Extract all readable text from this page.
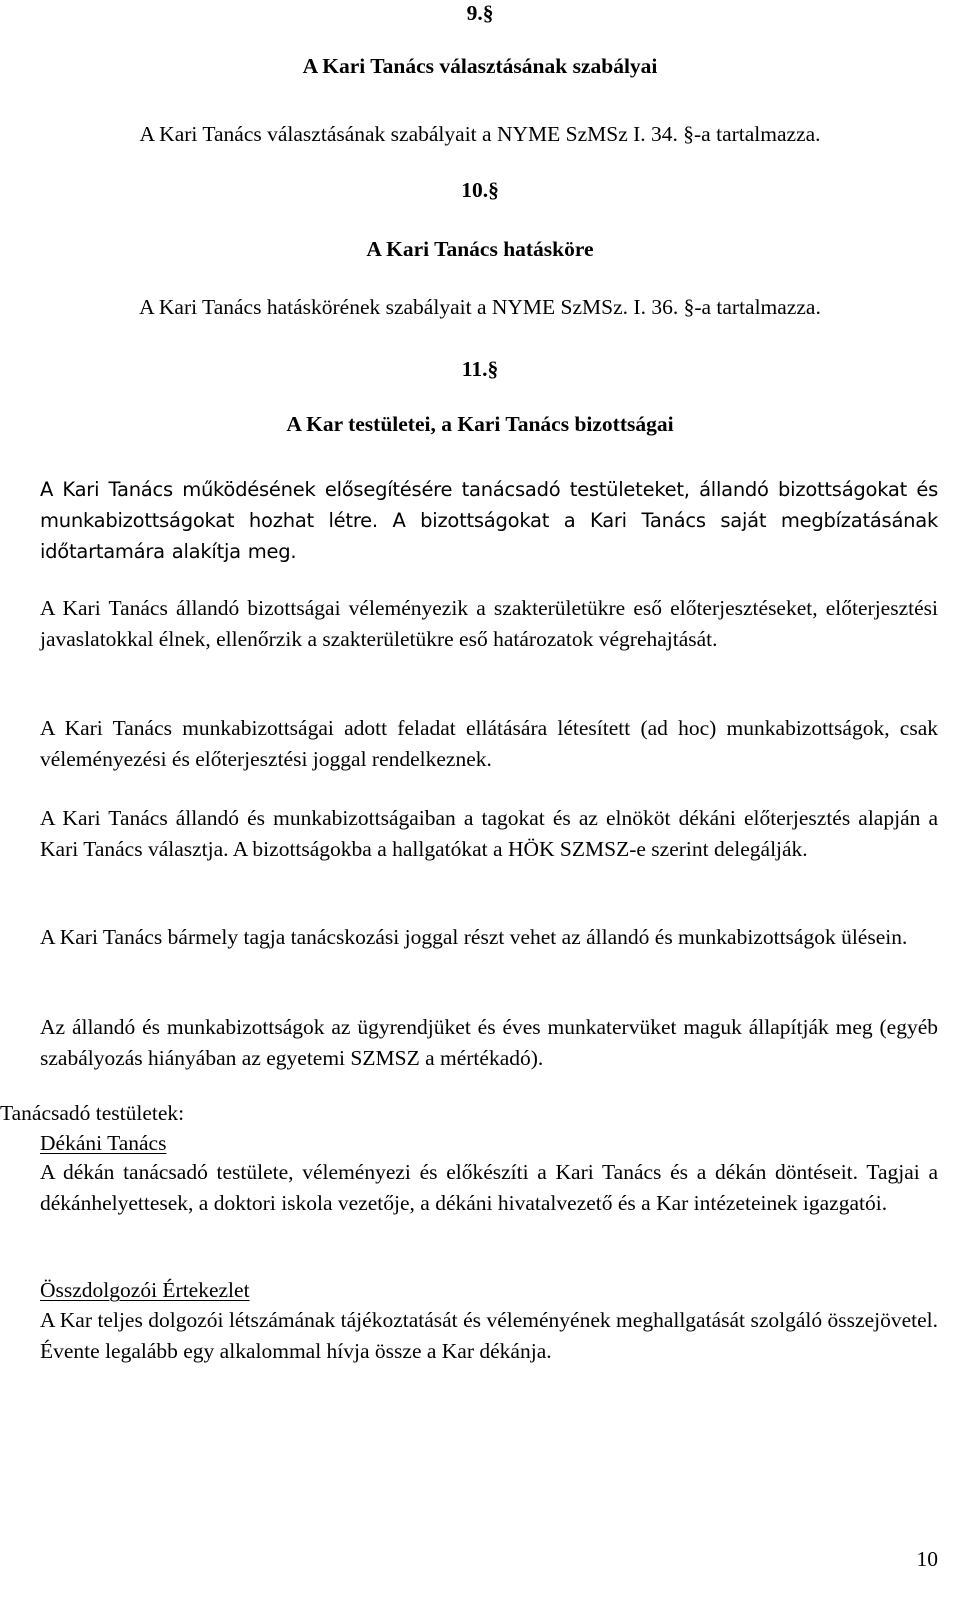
9.§
A Kari Tanács választásának szabályai
A Kari Tanács választásának szabályait a NYME SzMSz I. 34. §-a tartalmazza.
10.§
A Kari Tanács hatásköre
A Kari Tanács hatáskörének szabályait a NYME SzMSz. I. 36. §-a tartalmazza.
11.§
A Kar testületei, a Kari Tanács bizottságai
A Kari Tanács működésének elősegítésére tanácsadó testületeket, állandó bizottságokat és munkabizottságokat hozhat létre. A bizottságokat a Kari Tanács saját megbízatásának időtartamára alakítja meg.
A Kari Tanács állandó bizottságai véleményezik a szakterületükre eső előterjesztéseket, előterjesztési javaslatokkal élnek, ellenőrzik a szakterületükre eső határozatok végrehajtását.
A Kari Tanács munkabizottságai adott feladat ellátására létesített (ad hoc) munkabizottságok, csak véleményezési és előterjesztési joggal rendelkeznek.
A Kari Tanács állandó és munkabizottságaiban a tagokat és az elnököt dékáni előterjesztés alapján a Kari Tanács választja. A bizottságokba a hallgatókat a HÖK SZMSZ-e szerint delegálják.
A Kari Tanács bármely tagja tanácskozási joggal részt vehet az állandó és munkabizottságok ülésein.
Az állandó és munkabizottságok az ügyrendjüket és éves munkatervüket maguk állapítják meg (egyéb szabályozás hiányában az egyetemi SZMSZ a mértékadó).
Tanácsadó testületek:
Dékáni Tanács
A dékán tanácsadó testülete, véleményezi és előkészíti a Kari Tanács és a dékán döntéseit. Tagjai a dékánhelyettesek, a doktori iskola vezetője, a dékáni hivatalvezető és a Kar intézeteinek igazgatói.
Összdolgozói Értekezlet
A Kar teljes dolgozói létszámának tájékoztatását és véleményének meghallgatását szolgáló összejövetel. Évente legalább egy alkalommal hívja össze a Kar dékánja.
10
